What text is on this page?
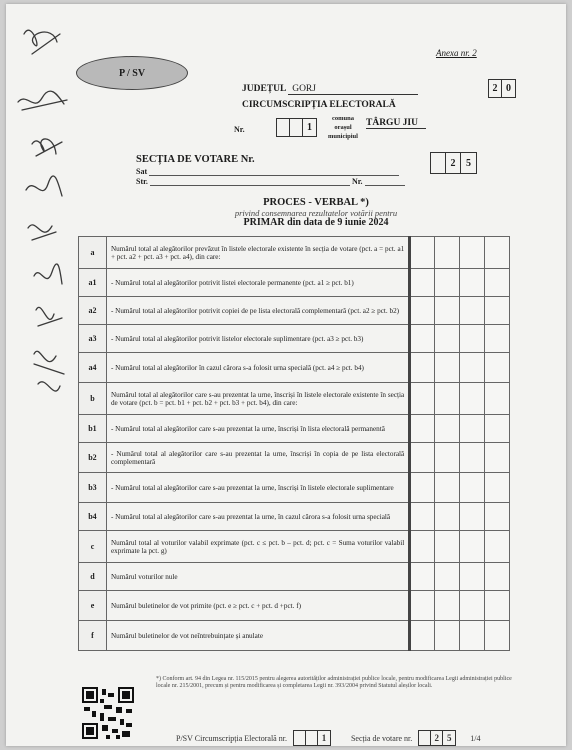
Anexa nr. 2
P / SV
JUDEȚUL GORJ	2 0
CIRCUMSCRIPȚIA ELECTORALĂ
Nr.	1
comuna
orașul
municipiul
TÂRGU JIU
SECȚIA DE VOTARE Nr.
Sat
Str.	Nr.
2	5
PROCES - VERBAL *)
privind consemnarea rezultatelor votării pentru
PRIMAR din data de 9 iunie 2024
a	Numărul total al alegătorilor prevăzut în listele electorale existente în secția de votare (pct. a = pct. a1 + pct. a2 + pct. a3 + pct. a4), din care:				
a1	- Numărul total al alegătorilor potrivit listei electorale permanente (pct. a1 ≥ pct. b1)				
a2	- Numărul total al alegătorilor potrivit copiei de pe lista electorală complementară (pct. a2 ≥ pct. b2)				
a3	- Numărul total al alegătorilor potrivit listelor electorale suplimentare (pct. a3 ≥ pct. b3)				
a4	- Numărul total al alegătorilor în cazul cărora s-a folosit urna specială (pct. a4 ≥ pct. b4)				
b	Numărul total al alegătorilor care s-au prezentat la urne, înscriși în listele electorale existente în secția de votare (pct. b = pct. b1 + pct. b2 + pct. b3 + pct. b4), din care:				
b1	- Numărul total al alegătorilor care s-au prezentat la urne, înscriși în lista electorală permanentă				
b2	- Numărul total al alegătorilor care s-au prezentat la urne, înscriși în copia de pe lista electorală complementară				
b3	- Numărul total al alegătorilor care s-au prezentat la urne, înscriși în listele electorale suplimentare				
b4	- Numărul total al alegătorilor care s-au prezentat la urne, în cazul cărora s-a folosit urna specială				
c	Numărul total al voturilor valabil exprimate (pct. c ≤ pct. b – pct. d; pct. c = Suma voturilor valabil exprimate la pct. g)				
d	Numărul voturilor nule				
e	Numărul buletinelor de vot primite (pct. e ≥ pct. c + pct. d +pct. f)				
f	Numărul buletinelor de vot neîntrebuințate și anulate				
*) Conform art. 94 din Legea nr. 115/2015 pentru alegerea autorităților administrației publice locale, pentru modificarea Legii administrației publice locale nr. 215/2001, precum și pentru modificarea și completarea Legii nr. 393/2004 privind Statutul aleșilor locali.
P/SV Circumscripția Electorală nr.	1	Secția de votare nr.	2 5	1/4
